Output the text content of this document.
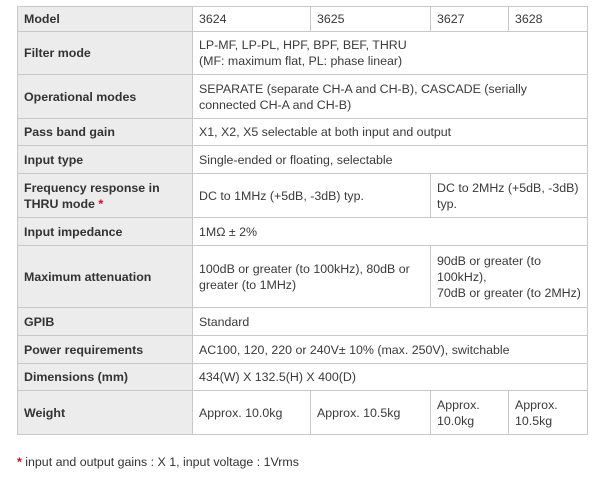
Model	3624	3625	3627	3628
Filter mode	LP-MF, LP-PL, HPF, BPF, BEF, THRU
(MF: maximum flat, PL: phase linear)			
Operational modes	SEPARATE (separate CH-A and CH-B), CASCADE (serially
connected CH-A and CH-B)			
Pass band gain	X1, X2, X5 selectable at both input and output			
Input type	Single-ended or floating, selectable			
Frequency response in
THRU mode *	DC to 1MHz (+5dB, -3dB) typ.		DC to 2MHz (+5dB, -3dB)
typ.	
Input impedance	1MΩ ± 2%			
Maximum attenuation	100dB or greater (to 100kHz), 80dB or
greater (to 1MHz)		90dB or greater (to
100kHz),
70dB or greater (to 2MHz)	
GPIB	Standard			
Power requirements	AC100, 120, 220 or 240V± 10% (max. 250V), switchable			
Dimensions (mm)	434(W) X 132.5(H) X 400(D)			
Weight	Approx. 10.0kg	Approx. 10.5kg	Approx.
10.0kg	Approx.
10.5kg
* input and output gains : X 1, input voltage : 1Vrms
